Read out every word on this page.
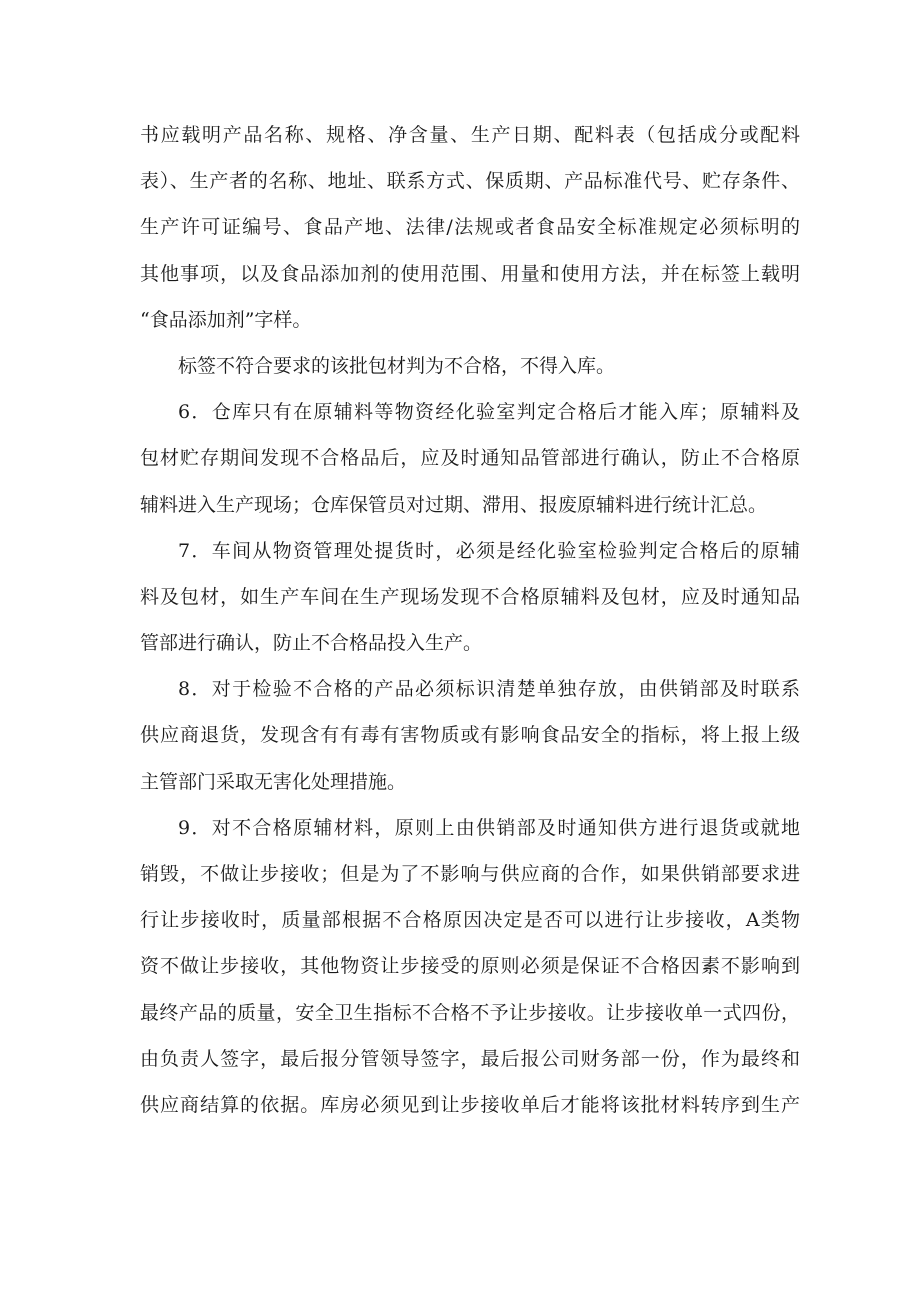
书应载明产品名称、规格、净含量、生产日期、配料表（包括成分或配料
表）、生产者的名称、地址、联系方式、保质期、产品标准代号、贮存条件、
生产许可证编号、食品产地、法律/法规或者食品安全标准规定必须标明的
其他事项，以及食品添加剂的使用范围、用量和使用方法，并在标签上载明
“食品添加剂”字样。

标签不符合要求的该批包材判为不合格，不得入库。

6．仓库只有在原辅料等物资经化验室判定合格后才能入库；原辅料及
包材贮存期间发现不合格品后，应及时通知品管部进行确认，防止不合格原
辅料进入生产现场；仓库保管员对过期、滞用、报废原辅料进行统计汇总。

7．车间从物资管理处提货时，必须是经化验室检验判定合格后的原辅
料及包材，如生产车间在生产现场发现不合格原辅料及包材，应及时通知品
管部进行确认，防止不合格品投入生产。

8．对于检验不合格的产品必须标识清楚单独存放，由供销部及时联系
供应商退货，发现含有有毒有害物质或有影响食品安全的指标，将上报上级
主管部门采取无害化处理措施。

9．对不合格原辅材料，原则上由供销部及时通知供方进行退货或就地
销毁，不做让步接收；但是为了不影响与供应商的合作，如果供销部要求进
行让步接收时，质量部根据不合格原因决定是否可以进行让步接收，A类物
资不做让步接收，其他物资让步接受的原则必须是保证不合格因素不影响到
最终产品的质量，安全卫生指标不合格不予让步接收。让步接收单一式四份，
由负责人签字，最后报分管领导签字，最后报公司财务部一份，作为最终和
供应商结算的依据。库房必须见到让步接收单后才能将该批材料转序到生产
